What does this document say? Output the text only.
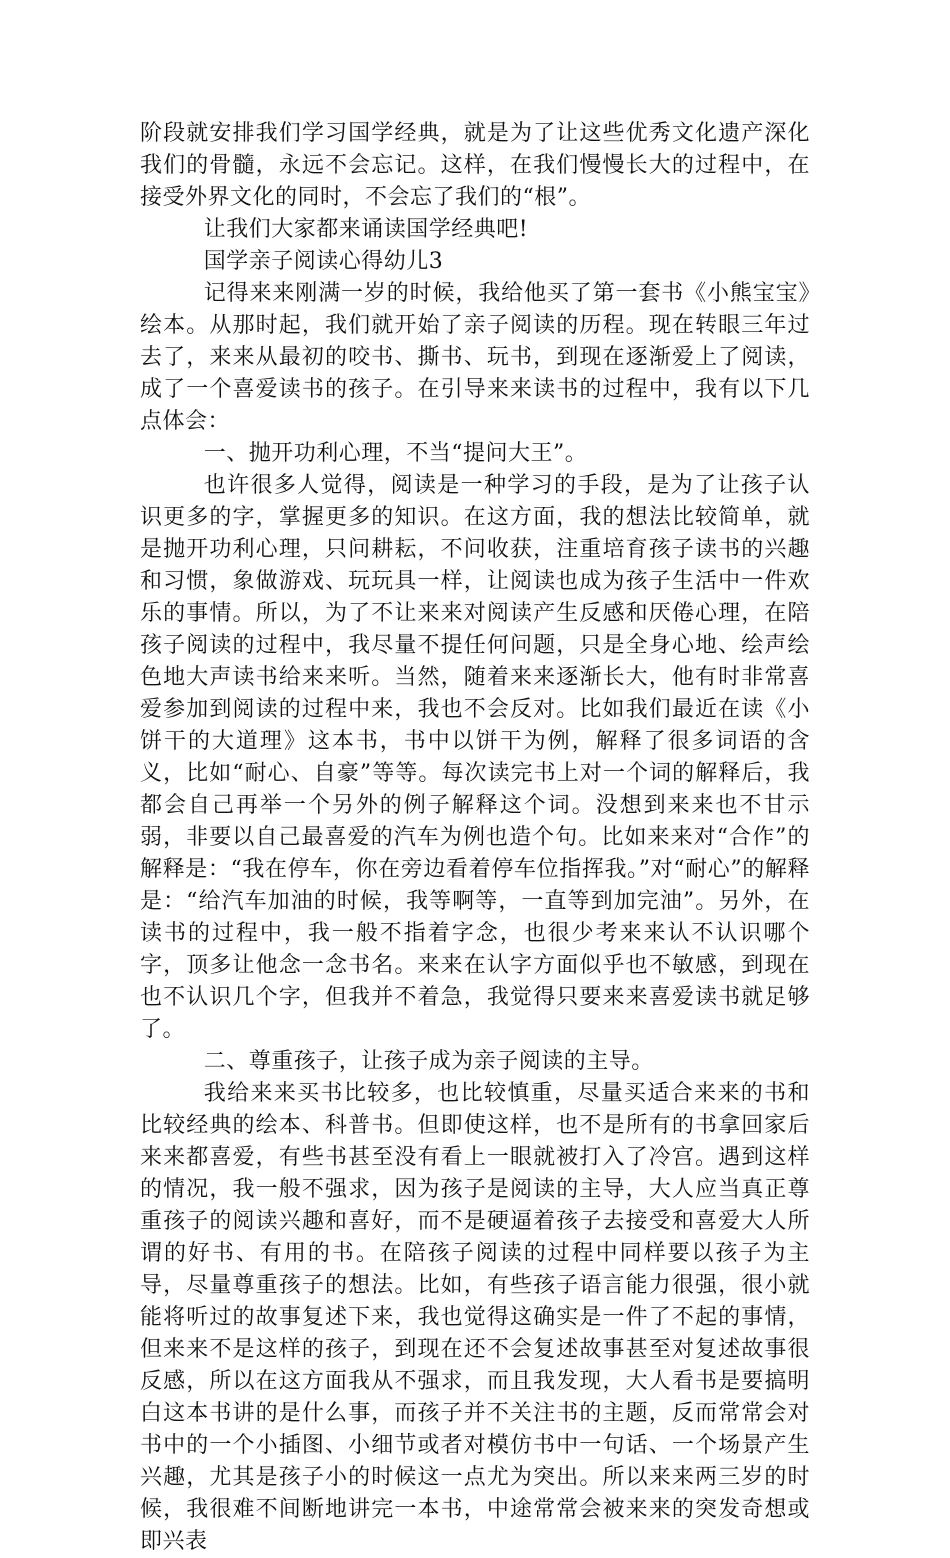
阶段就安排我们学习国学经典，就是为了让这些优秀文化遗产深化我们的骨髓，永远不会忘记。这样，在我们慢慢长大的过程中，在接受外界文化的同时，不会忘了我们的“根”。

让我们大家都来诵读国学经典吧!

国学亲子阅读心得幼儿3

记得来来刚满一岁的时候，我给他买了第一套书《小熊宝宝》绘本。从那时起，我们就开始了亲子阅读的历程。现在转眼三年过去了，来来从最初的咬书、撕书、玩书，到现在逐渐爱上了阅读，成了一个喜爱读书的孩子。在引导来来读书的过程中，我有以下几点体会：

一、抛开功利心理，不当“提问大王”。

也许很多人觉得，阅读是一种学习的手段，是为了让孩子认识更多的字，掌握更多的知识。在这方面，我的想法比较简单，就是抛开功利心理，只问耕耘，不问收获，注重培育孩子读书的兴趣和习惯，象做游戏、玩玩具一样，让阅读也成为孩子生活中一件欢乐的事情。所以，为了不让来来对阅读产生反感和厌倦心理，在陪孩子阅读的过程中，我尽量不提任何问题，只是全身心地、绘声绘色地大声读书给来来听。当然，随着来来逐渐长大，他有时非常喜爱参加到阅读的过程中来，我也不会反对。比如我们最近在读《小饼干的大道理》这本书，书中以饼干为例，解释了很多词语的含义，比如“耐心、自豪”等等。每次读完书上对一个词的解释后，我都会自己再举一个另外的例子解释这个词。没想到来来也不甘示弱，非要以自己最喜爱的汽车为例也造个句。比如来来对“合作”的解释是：“我在停车，你在旁边看着停车位指挥我。”对“耐心”的解释是：“给汽车加油的时候，我等啊等，一直等到加完油”。另外，在读书的过程中，我一般不指着字念，也很少考来来认不认识哪个字，顶多让他念一念书名。来来在认字方面似乎也不敏感，到现在也不认识几个字，但我并不着急，我觉得只要来来喜爱读书就足够了。

二、尊重孩子，让孩子成为亲子阅读的主导。

我给来来买书比较多，也比较慎重，尽量买适合来来的书和比较经典的绘本、科普书。但即使这样，也不是所有的书拿回家后来来都喜爱，有些书甚至没有看上一眼就被打入了冷宫。遇到这样的情况，我一般不强求，因为孩子是阅读的主导，大人应当真正尊重孩子的阅读兴趣和喜好，而不是硬逼着孩子去接受和喜爱大人所谓的好书、有用的书。在陪孩子阅读的过程中同样要以孩子为主导，尽量尊重孩子的想法。比如，有些孩子语言能力很强，很小就能将听过的故事复述下来，我也觉得这确实是一件了不起的事情，但来来不是这样的孩子，到现在还不会复述故事甚至对复述故事很反感，所以在这方面我从不强求，而且我发现，大人看书是要搞明白这本书讲的是什么事，而孩子并不关注书的主题，反而常常会对书中的一个小插图、小细节或者对模仿书中一句话、一个场景产生兴趣，尤其是孩子小的时候这一点尤为突出。所以来来两三岁的时候，我很难不间断地讲完一本书，中途常常会被来来的突发奇想或即兴表
